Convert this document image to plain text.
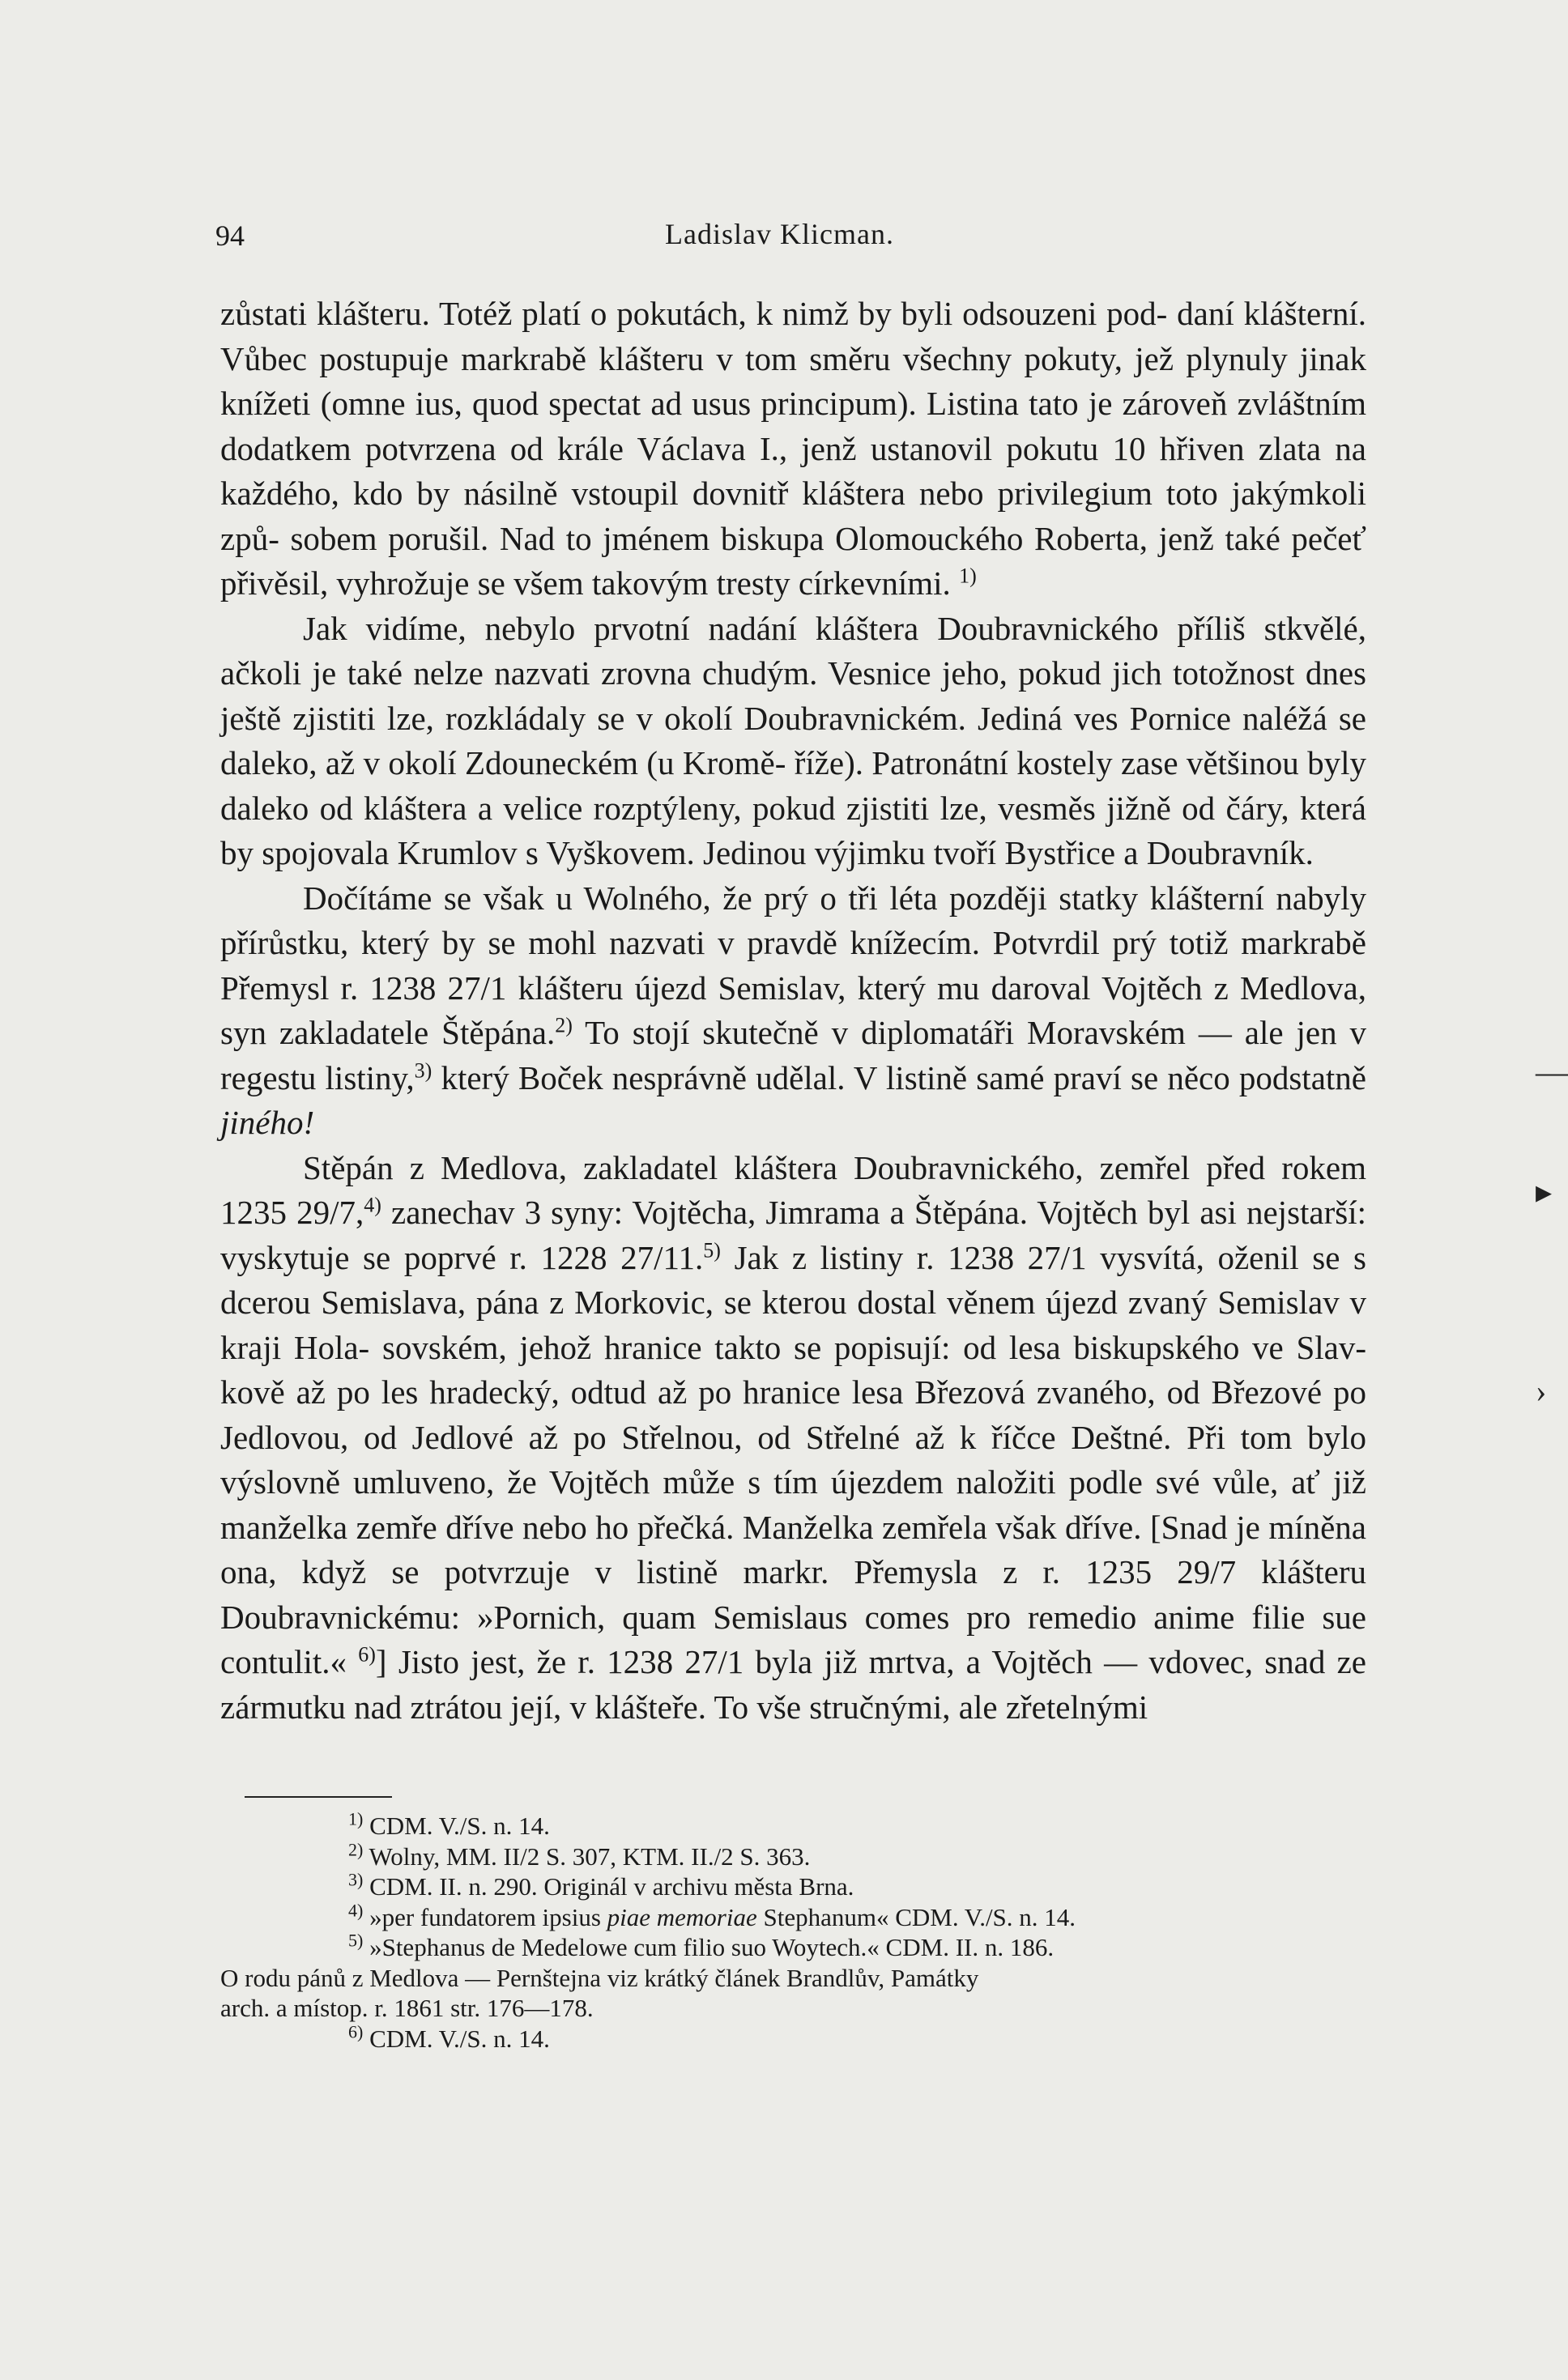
94	Ladislav Klicman.

zůstati klášteru. Totéž platí o pokutách, k nimž by byli odsouzeni pod- daní klášterní. Vůbec postupuje markrabě klášteru v tom směru všechny pokuty, jež plynuly jinak knížeti (omne ius, quod spectat ad usus principum). Listina tato je zároveň zvláštním dodatkem potvrzena od krále Václava I., jenž ustanovil pokutu 10 hřiven zlata na každého, kdo by násilně vstoupil dovnitř kláštera nebo privilegium toto jakýmkoli způ- sobem porušil. Nad to jménem biskupa Olomouckého Roberta, jenž také pečeť přivěsil, vyhrožuje se všem takovým tresty církevními. $^{1)}$

Jak vidíme, nebylo prvotní nadání kláštera Doubravnického příliš stkvělé, ačkoli je také nelze nazvati zrovna chudým. Vesnice jeho, pokud jich totožnost dnes ještě zjistiti lze, rozkládaly se v okolí Doubravnickém. Jediná ves Pornice naléžá se daleko, až v okolí Zdouneckém (u Kromě- říže). Patronátní kostely zase většinou byly daleko od kláštera a velice rozptýleny, pokud zjistiti lze, vesměs jižně od čáry, která by spojovala Krumlov s Vyškovem. Jedinou výjimku tvoří Bystřice a Doubravník.

Dočítáme se však u Wolného, že prý o tři léta později statky klášterní nabyly přírůstku, který by se mohl nazvati v pravdě knížecím. Potvrdil prý totiž markrabě Přemysl r. 1238 27/1 klášteru újezd Semislav, který mu daroval Vojtěch z Medlova, syn zakladatele Štěpána.$^{2)}$ To stojí skutečně v diplomatáři Moravském — ale jen v regestu listiny,$^{3)}$ který Boček nesprávně udělal. V listině samé praví se něco podstatně jiného!

Stěpán z Medlova, zakladatel kláštera Doubravnického, zemřel před rokem 1235 29/7,$^{4)}$ zanechav 3 syny: Vojtěcha, Jimrama a Štěpána. Vojtěch byl asi nejstarší: vyskytuje se poprvé r. 1228 27/11.$^{5)}$ Jak z listiny r. 1238 27/1 vysvítá, oženil se s dcerou Semislava, pána z Morkovic, se kterou dostal věnem újezd zvaný Semislav v kraji Hola- sovském, jehož hranice takto se popisují: od lesa biskupského ve Slav- kově až po les hradecký, odtud až po hranice lesa Březová zvaného, od Březové po Jedlovou, od Jedlové až po Střelnou, od Střelné až k říčce Deštné. Při tom bylo výslovně umluveno, že Vojtěch může s tím újezdem naložiti podle své vůle, ať již manželka zemře dříve nebo ho přečká. Manželka zemřela však dříve. [Snad je míněna ona, když se potvrzuje v listině markr. Přemysla z r. 1235 29/7 klášteru Doubravnickému: »Pornich, quam Semislaus comes pro remedio anime filie sue contulit.« $^{6)}$] Jisto jest, že r. 1238 27/1 byla již mrtva, a Vojtěch — vdovec, snad ze zármutku nad ztrátou její, v klášteře. To vše stručnými, ale zřetelnými

$^{1)}$ CDM. V./S. n. 14.
$^{2)}$ Wolny, MM. II/2 S. 307, KTM. II./2 S. 363.
$^{3)}$ CDM. II. n. 290. Originál v archivu města Brna.
$^{4)}$ »per fundatorem ipsius piae memoriae Stephanum« CDM. V./S. n. 14.
$^{5)}$ »Stephanus de Medelowe cum filio suo Woytech.« CDM. II. n. 186.
O rodu pánů z Medlova — Pernštejna viz krátký článek Brandlův, Památky
arch. a místop. r. 1861 str. 176—178.
$^{6)}$ CDM. V./S. n. 14.
—
▸
›
